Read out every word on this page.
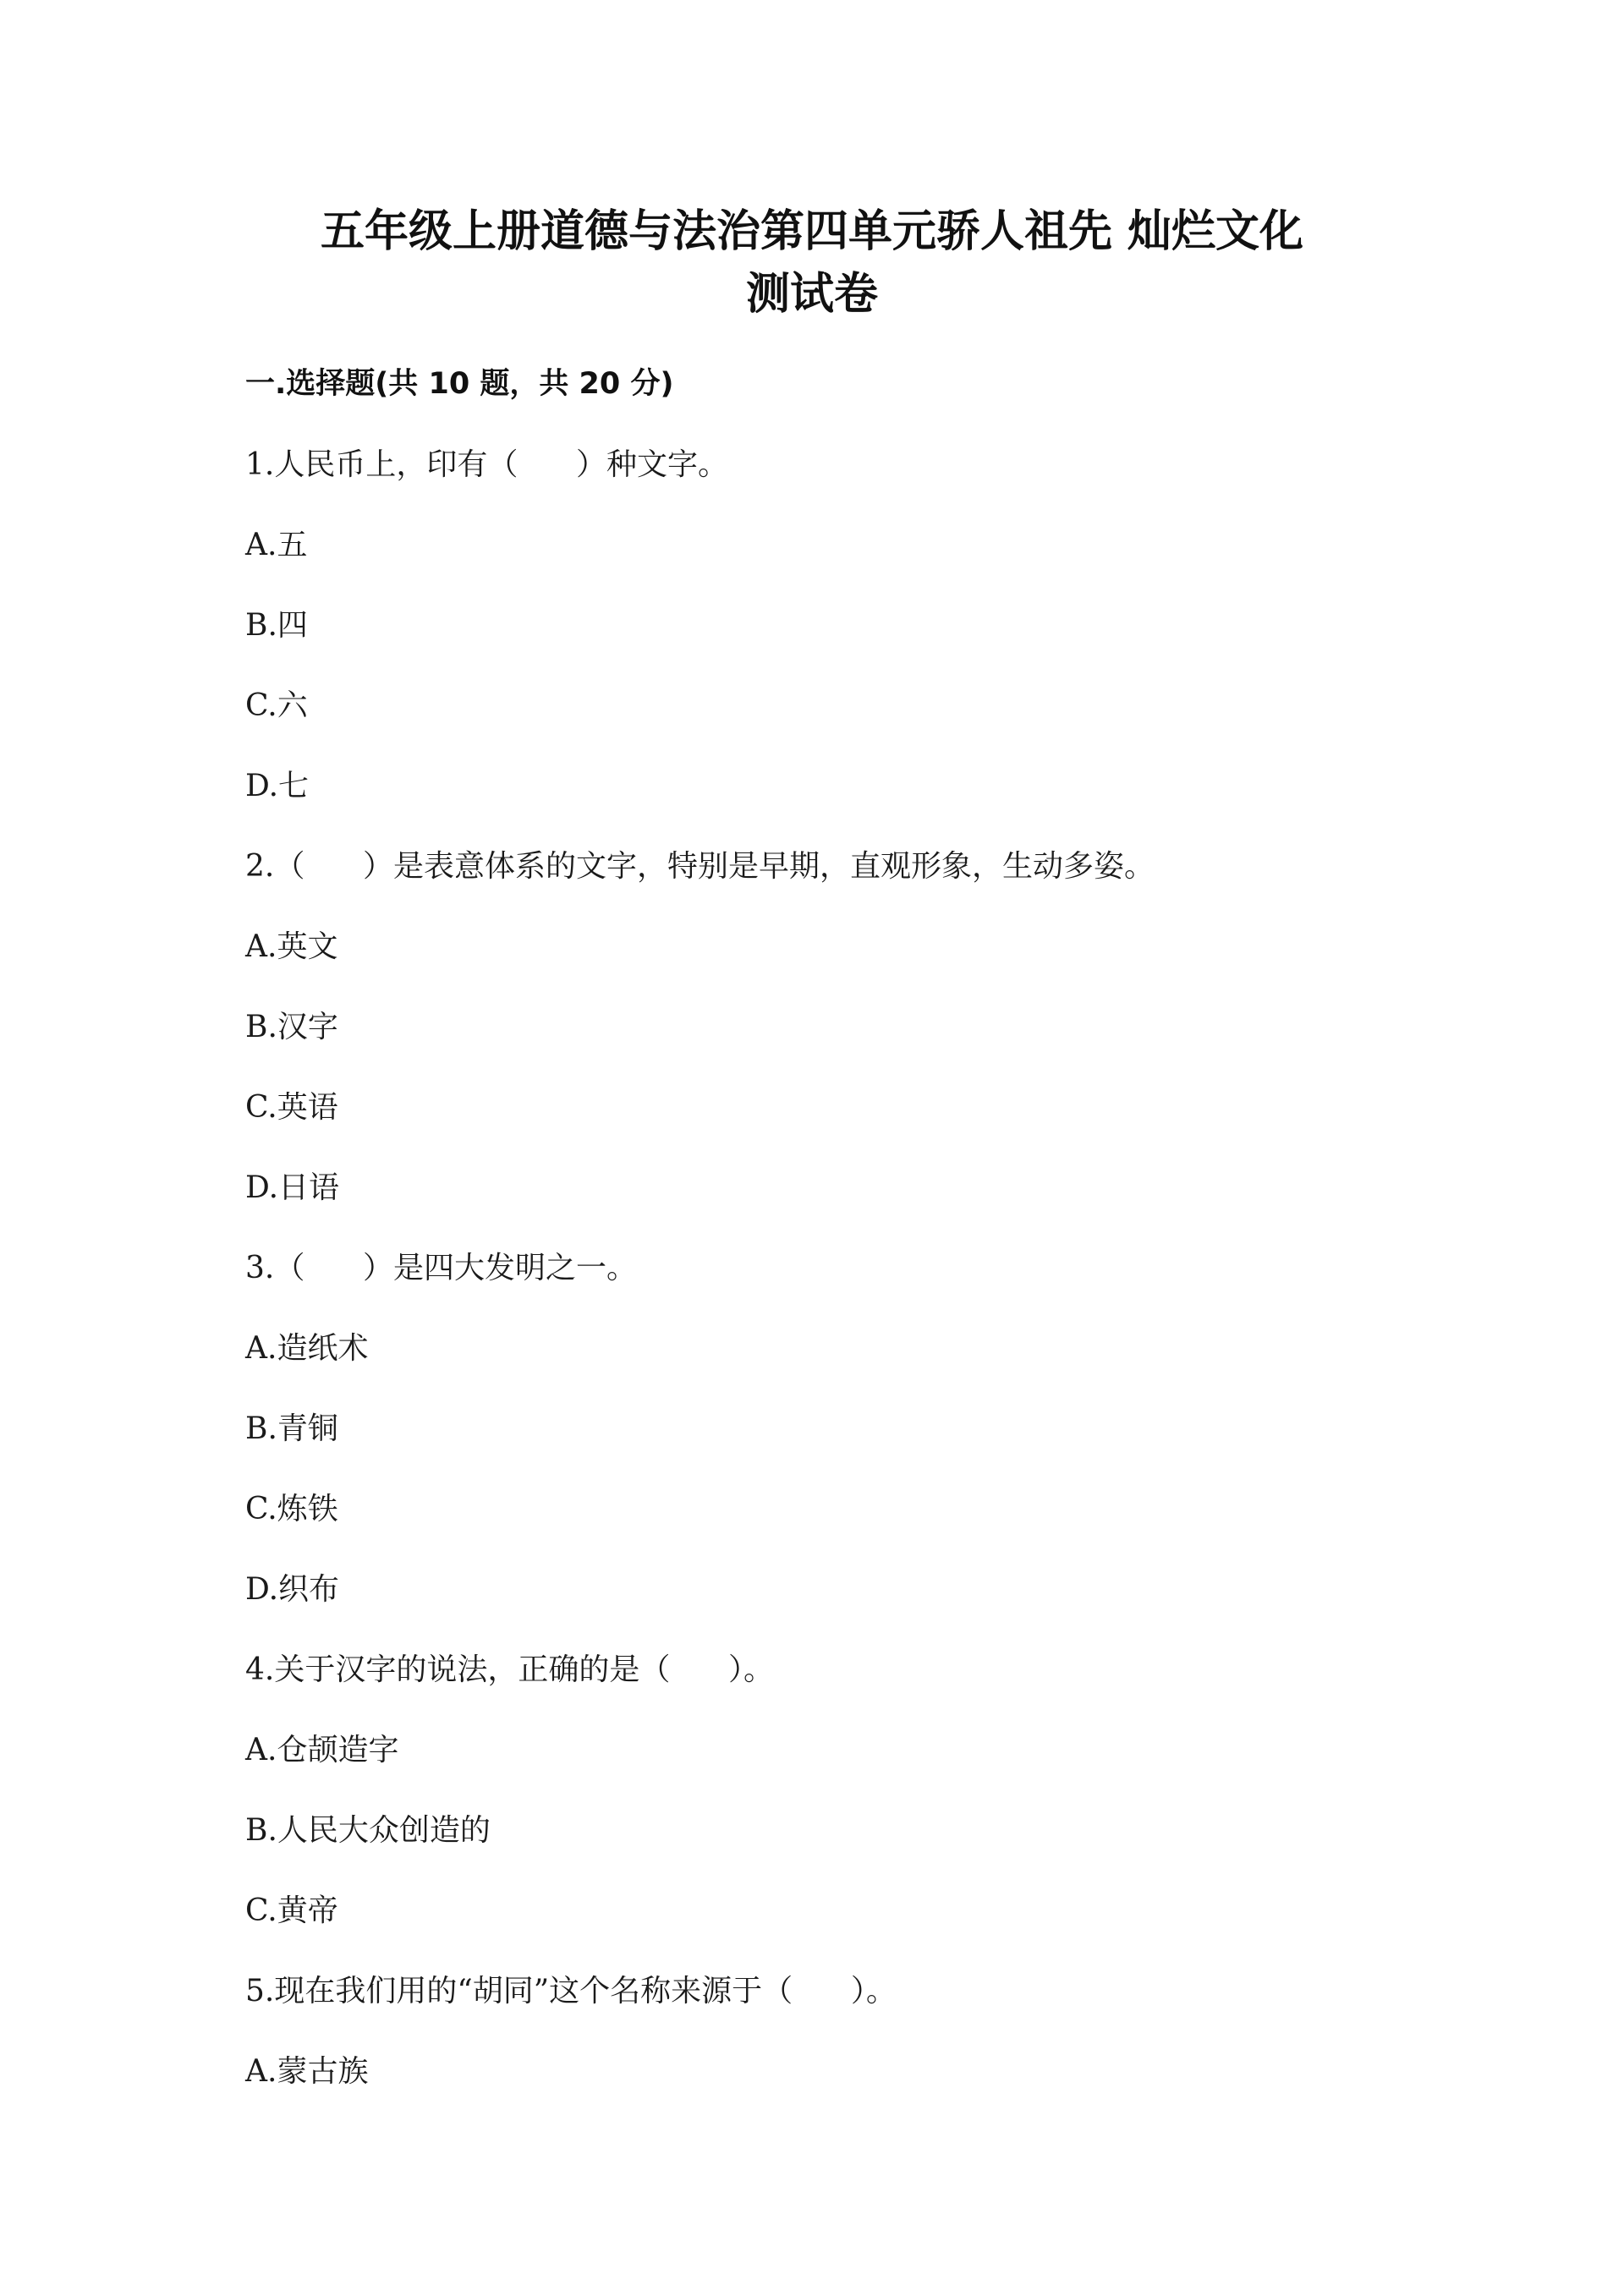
五年级上册道德与法治第四单元骄人祖先 灿烂文化
测试卷
一.选择题(共 10 题，共 20 分)

1.人民币上，印有（      ）种文字。

A.五

B.四

C.六

D.七

2.（      ）是表意体系的文字，特别是早期，直观形象，生动多姿。

A.英文

B.汉字

C.英语

D.日语

3.（      ）是四大发明之一。

A.造纸术

B.青铜

C.炼铁

D.织布

4.关于汉字的说法，正确的是（      ）。

A.仓颉造字

B.人民大众创造的

C.黄帝

5.现在我们用的“胡同”这个名称来源于（      ）。

A.蒙古族
